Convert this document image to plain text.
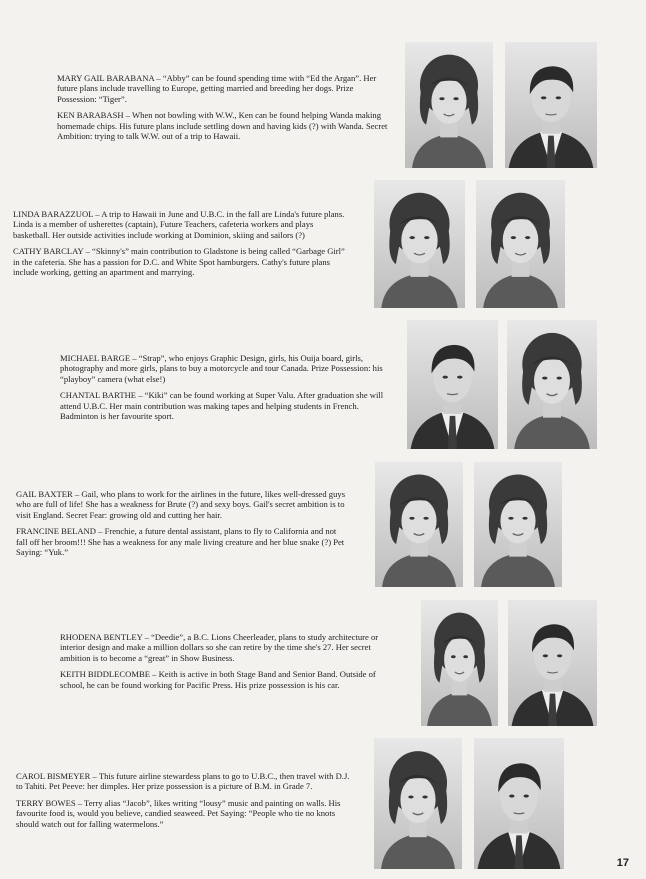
MARY GAIL BARABANA – “Abby” can be found spending time with “Ed the Argan”. Her future plans include travelling to Europe, getting married and breeding her dogs. Prize Possession: “Tiger”.

KEN BARABASH – When not bowling with W.W., Ken can be found helping Wanda making homemade chips. His future plans include settling down and having kids (?) with Wanda. Secret Ambition: trying to talk W.W. out of a trip to Hawaii.

LINDA BARAZZUOL – A trip to Hawaii in June and U.B.C. in the fall are Linda's future plans. Linda is a member of usherettes (captain), Future Teachers, cafeteria workers and plays basketball. Her outside activities include working at Dominion, skiing and sailors (?)

CATHY BARCLAY – “Skinny's” main contribution to Gladstone is being called “Garbage Girl” in the cafeteria. She has a passion for D.C. and White Spot hamburgers. Cathy's future plans include working, getting an apartment and marrying.

MICHAEL BARGE – “Strap”, who enjoys Graphic Design, girls, his Ouija board, girls, photography and more girls, plans to buy a motorcycle and tour Canada. Prize Possession: his “playboy” camera (what else!)

CHANTAL BARTHE – “Kiki” can be found working at Super Valu. After graduation she will attend U.B.C. Her main contribution was making tapes and helping students in French. Badminton is her favourite sport.

GAIL BAXTER – Gail, who plans to work for the airlines in the future, likes well-dressed guys who are full of life! She has a weakness for Brute (?) and sexy boys. Gail's secret ambition is to visit England. Secret Fear: growing old and cutting her hair.

FRANCINE BELAND – Frenchie, a future dental assistant, plans to fly to California and not fall off her broom!!! She has a weakness for any male living creature and her blue snake (?) Pet Saying: “Yuk.”

RHODENA BENTLEY – “Deedie”, a B.C. Lions Cheerleader, plans to study architecture or interior design and make a million dollars so she can retire by the time she's 27. Her secret ambition is to become a “great” in Show Business.

KEITH BIDDLECOMBE – Keith is active in both Stage Band and Senior Band. Outside of school, he can be found working for Pacific Press. His prize possession is his car.

CAROL BISMEYER – This future airline stewardess plans to go to U.B.C., then travel with D.J. to Tahiti. Pet Peeve: her dimples. Her prize possession is a picture of B.M. in Grade 7.

TERRY BOWES – Terry alias “Jacob”, likes writing “lousy” music and painting on walls. His favourite food is, would you believe, candied seaweed. Pet Saying: “People who tie no knots should watch out for falling watermelons.”

17
